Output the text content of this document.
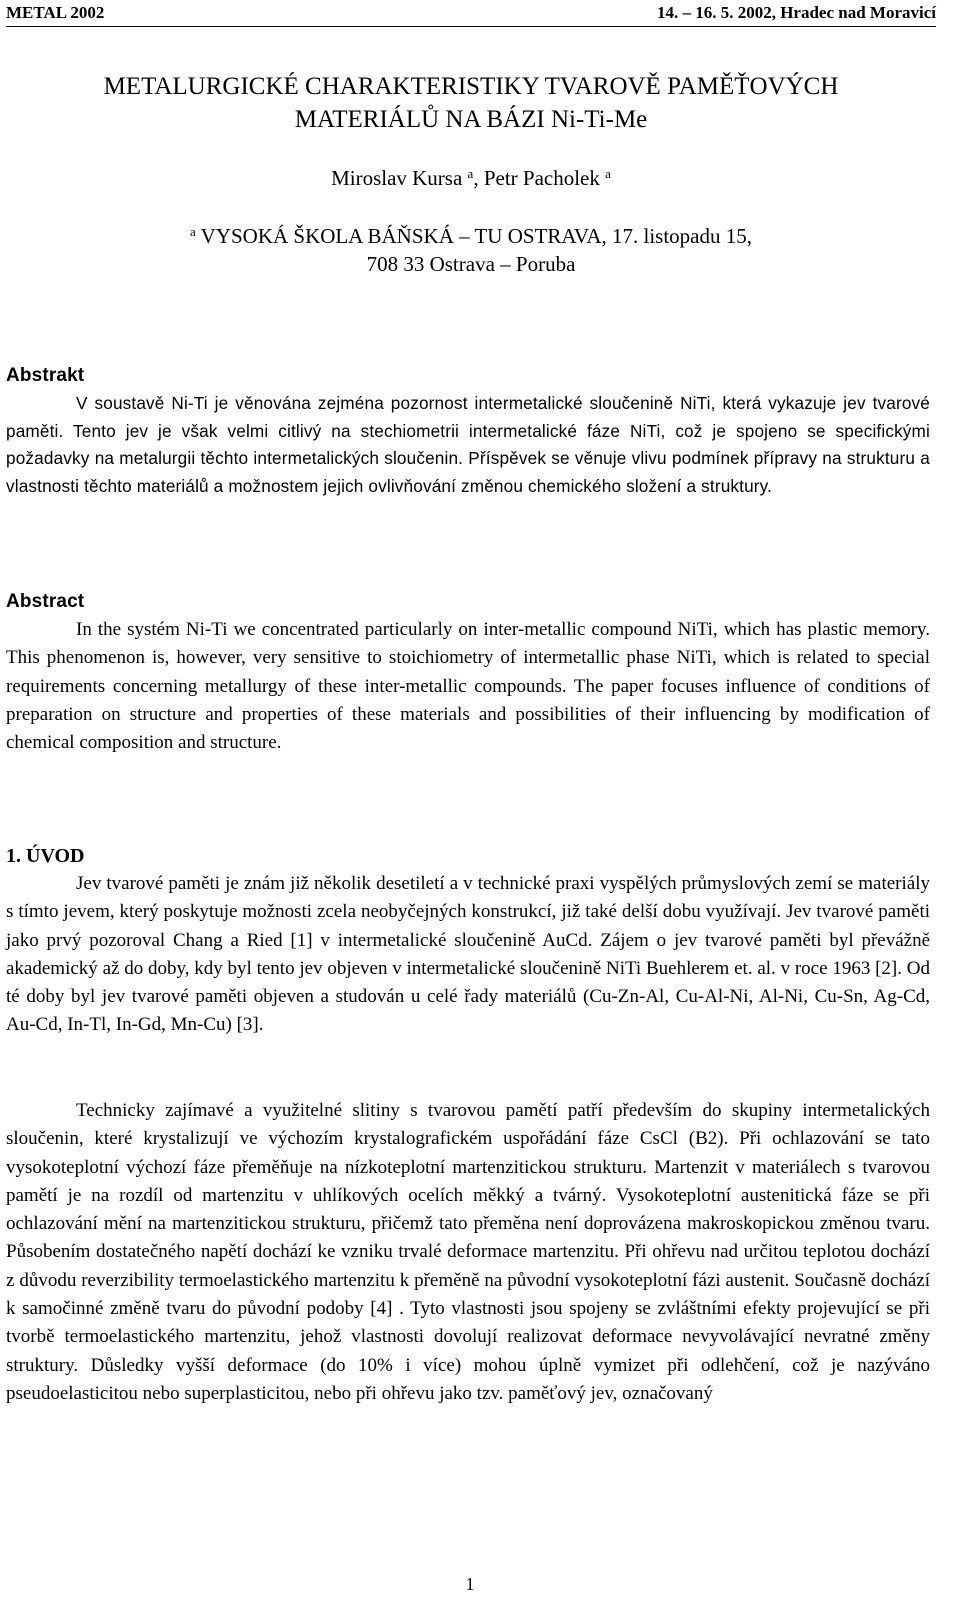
METAL 2002	14. – 16. 5. 2002, Hradec nad Moravicí
METALURGICKÉ CHARAKTERISTIKY TVAROVĚ PAMĚŤOVÝCH
MATERIÁLŮ NA BÁZI Ni-Ti-Me
Miroslav Kursa $^a$, Petr Pacholek $^a$
$^a$ VYSOKÁ ŠKOLA BÁŇSKÁ – TU OSTRAVA, 17. listopadu 15,
708 33 Ostrava – Poruba
Abstrakt

V soustavě Ni-Ti je věnována zejména pozornost intermetalické sloučenině NiTi, která vykazuje jev tvarové paměti. Tento jev je však velmi citlivý na stechiometrii intermetalické fáze NiTi, což je spojeno se specifickými požadavky na metalurgii těchto intermetalických sloučenin. Příspěvek se věnuje vlivu podmínek přípravy na strukturu a vlastnosti těchto materiálů a možnostem jejich ovlivňování změnou chemického složení a struktury.

Abstract

In the systém Ni-Ti we concentrated particularly on inter-metallic compound NiTi, which has plastic memory. This phenomenon is, however, very sensitive to stoichiometry of intermetallic phase NiTi, which is related to special requirements concerning metallurgy of these inter-metallic compounds. The paper focuses influence of conditions of preparation on structure and properties of these materials and possibilities of their influencing by modification of chemical composition and structure.

1. ÚVOD

Jev tvarové paměti je znám již několik desetiletí a v technické praxi vyspělých průmyslových zemí se materiály s tímto jevem, který poskytuje možnosti zcela neobyčejných konstrukcí, již také delší dobu využívají. Jev tvarové paměti jako prvý pozoroval Chang a Ried [1] v intermetalické sloučenině AuCd. Zájem o jev tvarové paměti byl převážně akademický až do doby, kdy byl tento jev objeven v intermetalické sloučenině NiTi Buehlerem et. al. v roce 1963 [2]. Od té doby byl jev tvarové paměti objeven a studován u celé řady materiálů (Cu-Zn-Al, Cu-Al-Ni, Al-Ni, Cu-Sn, Ag-Cd, Au-Cd, In-Tl, In-Gd, Mn-Cu) [3].

Technicky zajímavé a využitelné slitiny s tvarovou pamětí patří především do skupiny intermetalických sloučenin, které krystalizují ve výchozím krystalografickém uspořádání fáze CsCl (B2). Při ochlazování se tato vysokoteplotní výchozí fáze přeměňuje na nízkoteplotní martenzitickou strukturu. Martenzit v materiálech s tvarovou pamětí je na rozdíl od martenzitu v uhlíkových ocelích měkký a tvárný. Vysokoteplotní austenitická fáze se při ochlazování mění na martenzitickou strukturu, přičemž tato přeměna není doprovázena makroskopickou změnou tvaru. Působením dostatečného napětí dochází ke vzniku trvalé deformace martenzitu. Při ohřevu nad určitou teplotou dochází z důvodu reverzibility termoelastického martenzitu k přeměně na původní vysokoteplotní fázi austenit. Současně dochází k samočinné změně tvaru do původní podoby [4] . Tyto vlastnosti jsou spojeny se zvláštními efekty projevující se při tvorbě termoelastického martenzitu, jehož vlastnosti dovolují realizovat deformace nevyvolávající nevratné změny struktury. Důsledky vyšší deformace (do 10% i více) mohou úplně vymizet při odlehčení, což je nazýváno pseudoelasticitou nebo superplasticitou, nebo při ohřevu jako tzv. paměťový jev, označovaný

1
